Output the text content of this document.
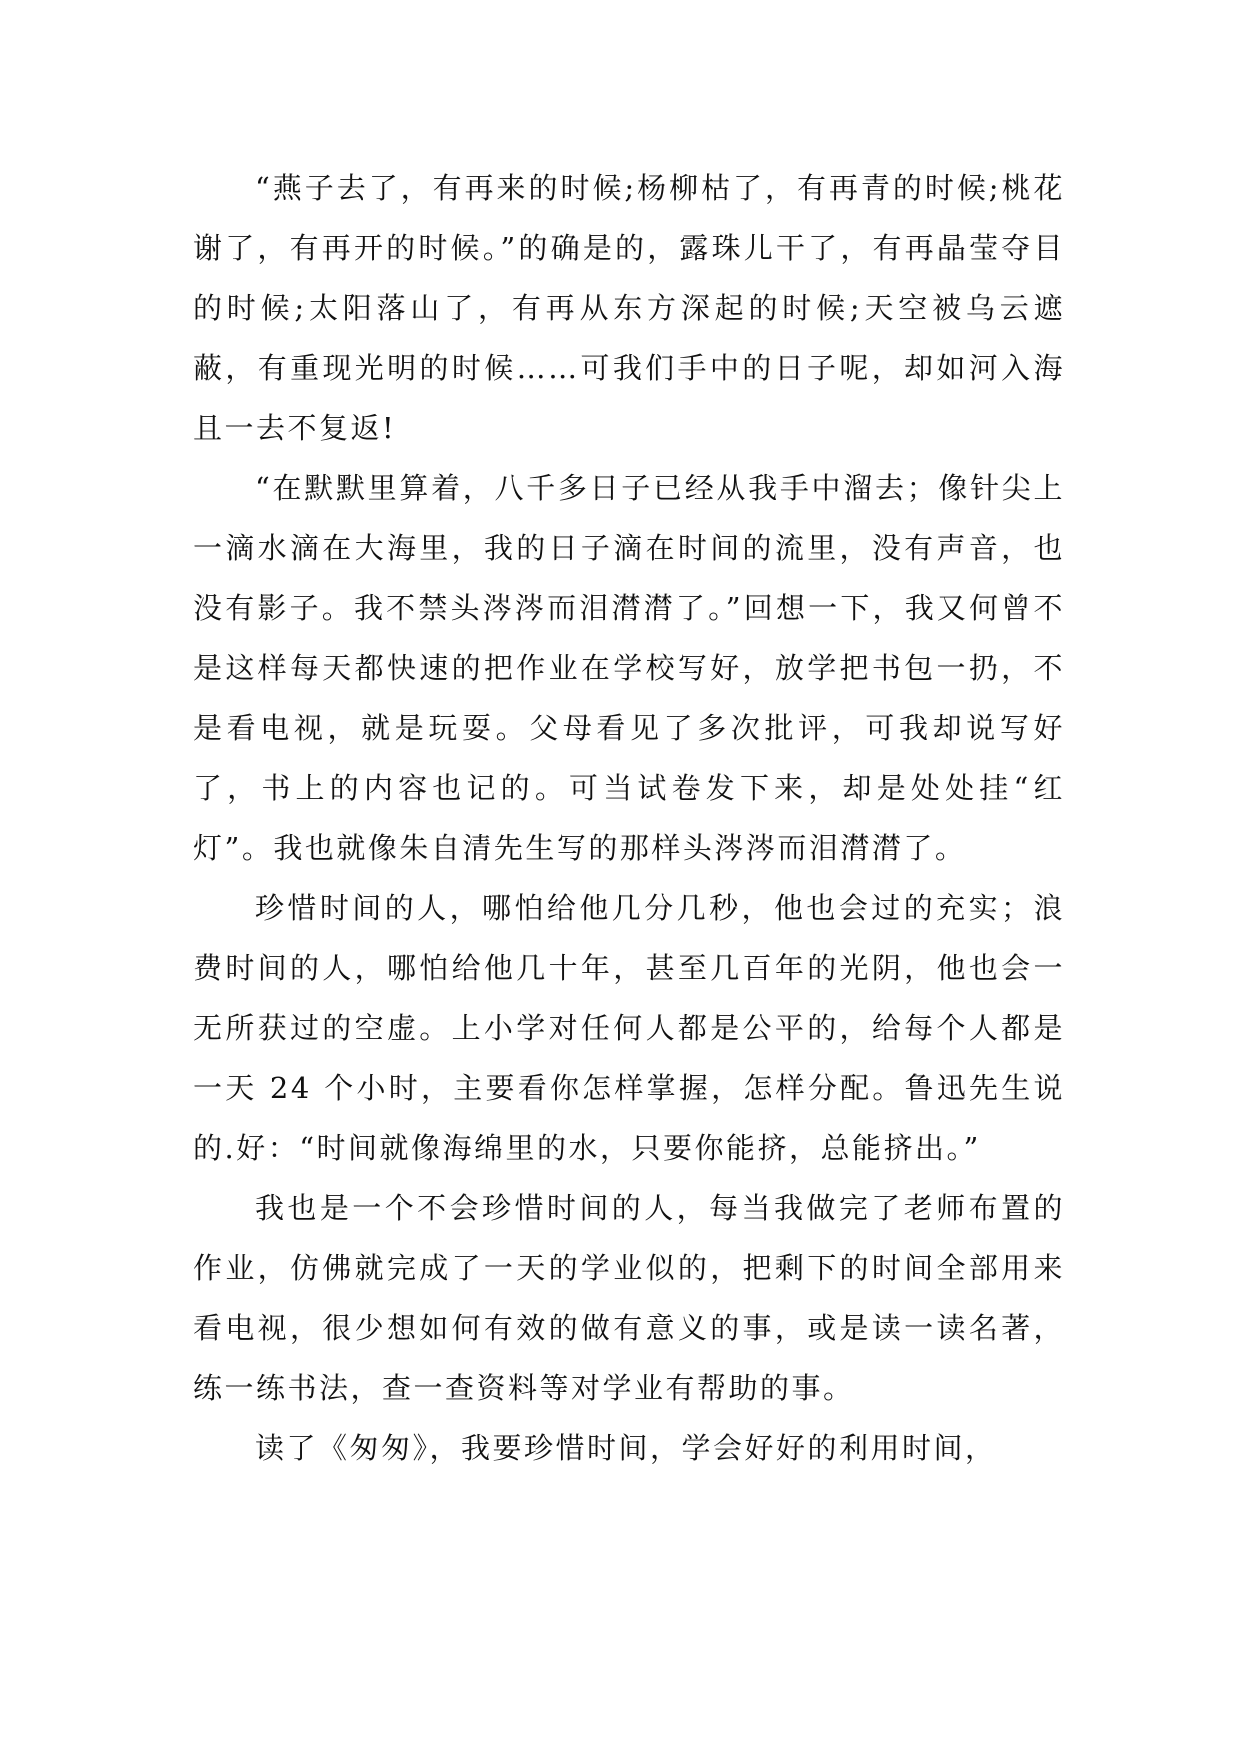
“燕子去了，有再来的时候;杨柳枯了，有再青的时候;桃花谢了，有再开的时候。”的确是的，露珠儿干了，有再晶莹夺目的时候;太阳落山了，有再从东方深起的时候;天空被乌云遮蔽，有重现光明的时候……可我们手中的日子呢，却如河入海且一去不复返!

“在默默里算着，八千多日子已经从我手中溜去；像针尖上一滴水滴在大海里，我的日子滴在时间的流里，没有声音，也没有影子。我不禁头涔涔而泪潸潸了。”回想一下，我又何曾不是这样每天都快速的把作业在学校写好，放学把书包一扔，不是看电视，就是玩耍。父母看见了多次批评，可我却说写好了，书上的内容也记的。可当试卷发下来，却是处处挂“红灯”。我也就像朱自清先生写的那样头涔涔而泪潸潸了。

珍惜时间的人，哪怕给他几分几秒，他也会过的充实；浪费时间的人，哪怕给他几十年，甚至几百年的光阴，他也会一无所获过的空虚。上小学对任何人都是公平的，给每个人都是一天 24 个小时，主要看你怎样掌握，怎样分配。鲁迅先生说的.好：“时间就像海绵里的水，只要你能挤，总能挤出。”

我也是一个不会珍惜时间的人，每当我做完了老师布置的作业，仿佛就完成了一天的学业似的，把剩下的时间全部用来看电视，很少想如何有效的做有意义的事，或是读一读名著，练一练书法，查一查资料等对学业有帮助的事。

读了《匆匆》，我要珍惜时间，学会好好的利用时间，
